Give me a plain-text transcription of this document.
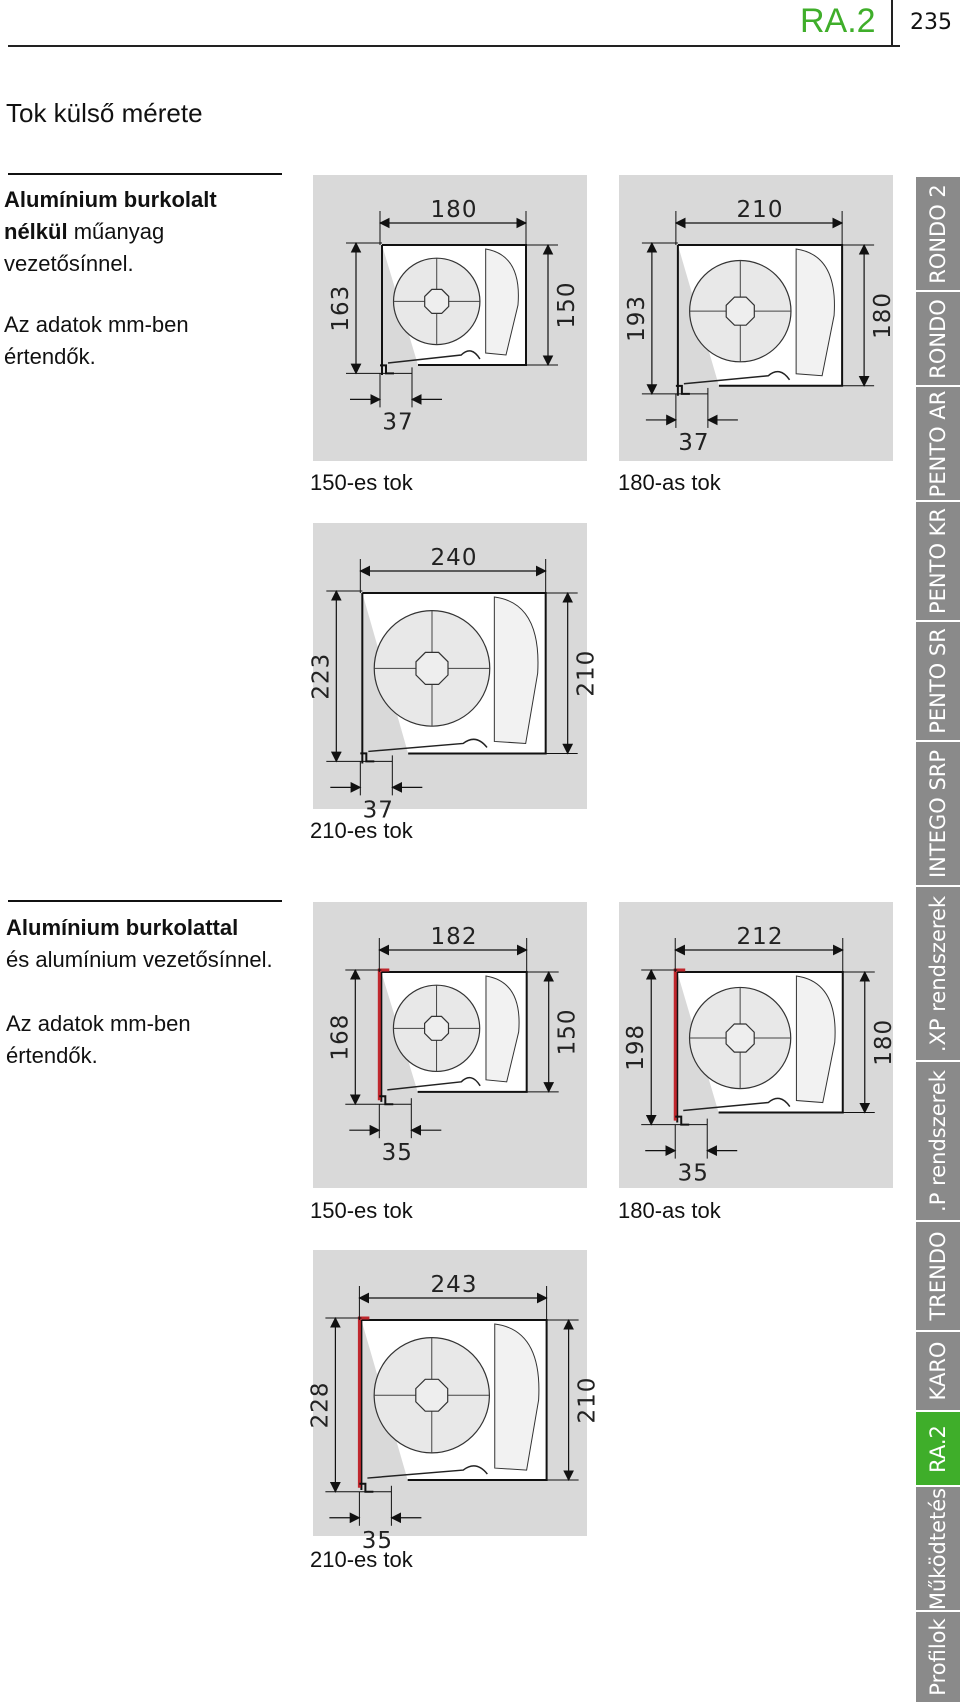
RA.2 235
Tok külső mérete
Alumínium burkolalt nélkül műanyag vezetősínnel.
Az adatok mm-ben értendők.
Alumínium burkolattal
és alumínium vezetősínnel.
Az adatok mm-ben értendők.
180
163	150
37
150-es tok
210
193	180
37
180-as tok
240
223	210
37
210-es tok
182
168	150
35
150-es tok
212
198	180
35
180-as tok
243
228	210
35
210-es tok
RONDO 2
RONDO
PENTO AR
PENTO KR
PENTO SR
INTEGO SRP
.XP rendszerek
.P rendszerek
TRENDO
KARO
RA.2
Működtetés
Profilok
